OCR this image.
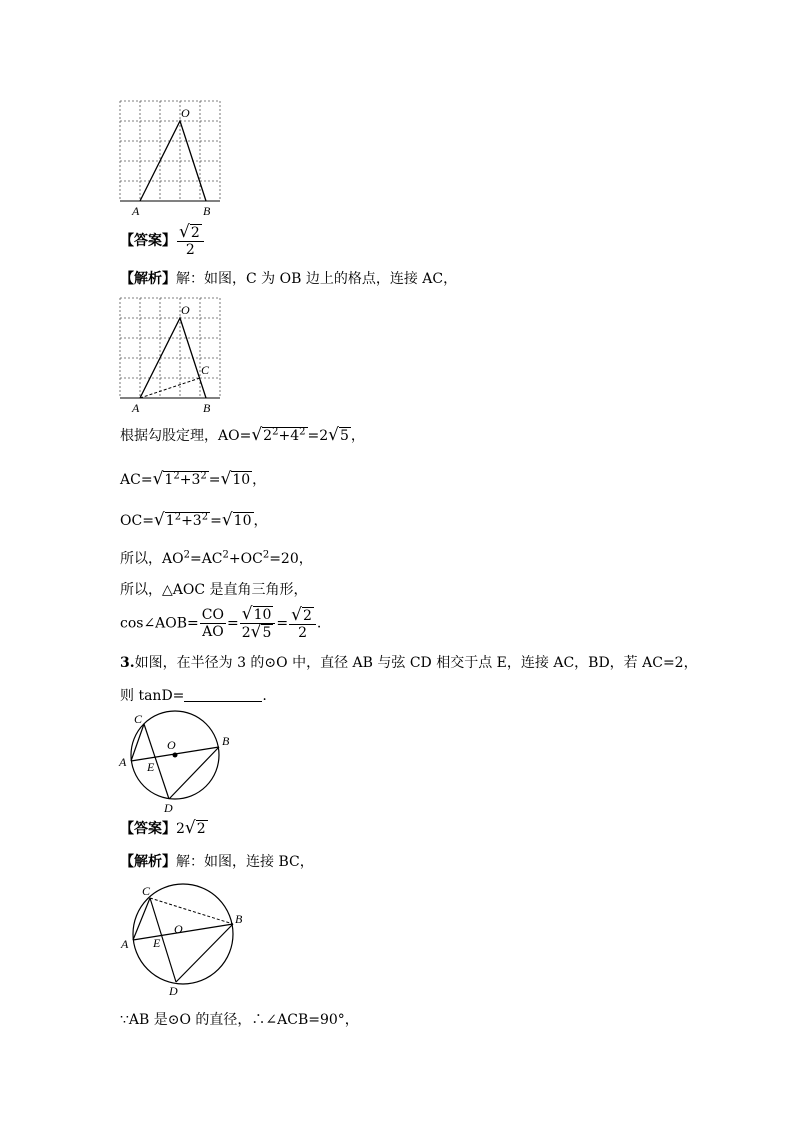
O
A	B
【答案】 $\frac{√2}{2}$
【解析】解：如图，C 为 OB 边上的格点，连接 AC，
O
C
A	B
根据勾股定理，$AO=√2^2+4^2 =2√5$ ，
$AC=√1^2+3^2 =√10$ ，
$OC=√1^2+3^2 =√10$ ，
所以，$AO^2=AC^2+OC^2=20$，
所以，△AOC 是直角三角形，
cos∠AOB= $\frac{CO}{AO} = \frac{√10}{2√5} = \frac{√2}{2}$ .
3.如图，在半径为 3 的⊙O 中，直径 AB 与弦 CD 相交于点 E，连接 AC，BD，若 AC=2，
则 tanD=	.
C
O
A E
B
D
【答案】2√2
【解析】解：如图，连接 BC，
C
O
A E
B
D
∵AB 是⊙O 的直径，∴∠ACB=90°，
